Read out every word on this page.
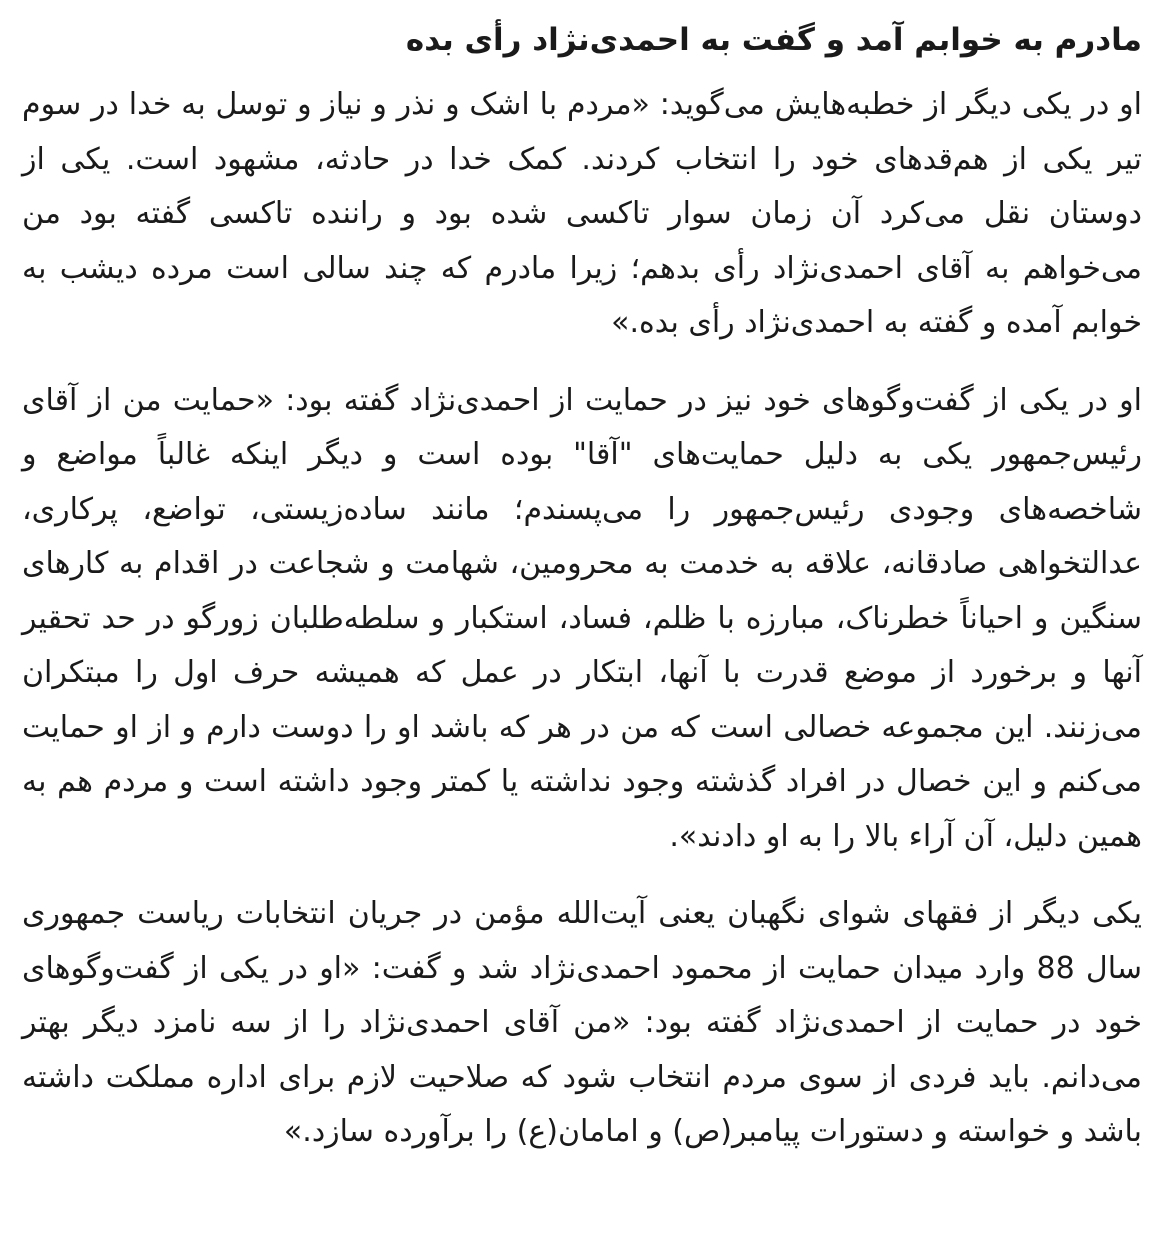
مادرم به خوابم آمد و گفت به احمدی‌نژاد رأی بده

او در یکی دیگر از خطبه‌هایش می‌گوید: «مردم با اشک و نذر و نیاز و توسل به خدا در سوم تیر یکی از هم‌قدهای خود را انتخاب کردند. کمک خدا در حادثه، مشهود است. یکی از دوستان نقل می‌کرد آن زمان سوار تاکسی شده بود و راننده تاکسی گفته بود من می‌خواهم به آقای احمدی‌نژاد رأی بدهم؛ زیرا مادرم که چند سالی است مرده دیشب به خوابم آمده و گفته به احمدی‌نژاد رأی بده.»

او در یکی از گفت‌وگوهای خود نیز در حمایت از احمدی‌نژاد گفته بود: «حمایت من از آقای رئیس‌جمهور یکی به دلیل حمایت‌های "آقا" بوده است و دیگر اینکه غالباً مواضع و شاخصه‌های وجودی رئیس‌جمهور را می‌پسندم؛ مانند ساده‌زیستی، تواضع، پرکاری، عدالتخواهی صادقانه، علاقه به خدمت به محرومین، شهامت و شجاعت در اقدام به کارهای سنگین و احیاناً خطرناک، مبارزه با ظلم، فساد، استکبار و سلطه‌طلبان زورگو در حد تحقیر آنها و برخورد از موضع قدرت با آنها، ابتکار در عمل که همیشه حرف اول را مبتکران می‌زنند. این مجموعه خصالی است که من در هر که باشد او را دوست دارم و از او حمایت می‌کنم و این خصال در افراد گذشته وجود نداشته یا کمتر وجود داشته است و مردم هم به همین دلیل، آن آراء بالا را به او دادند».

یکی دیگر از فقهای شوای نگهبان یعنی آیت‌الله مؤمن در جریان انتخابات ریاست جمهوری سال 88 وارد میدان حمایت از محمود احمدی‌نژاد شد و گفت: «او در یکی از گفت‌وگوهای خود در حمایت از احمدی‌نژاد گفته بود: «من آقای احمدی‌نژاد را از سه نامزد دیگر بهتر می‌دانم. باید فردی از سوی مردم انتخاب شود که صلاحیت لازم برای اداره مملکت داشته باشد و خواسته و دستورات پیامبر(ص) و امامان(ع) را برآورده سازد.»
